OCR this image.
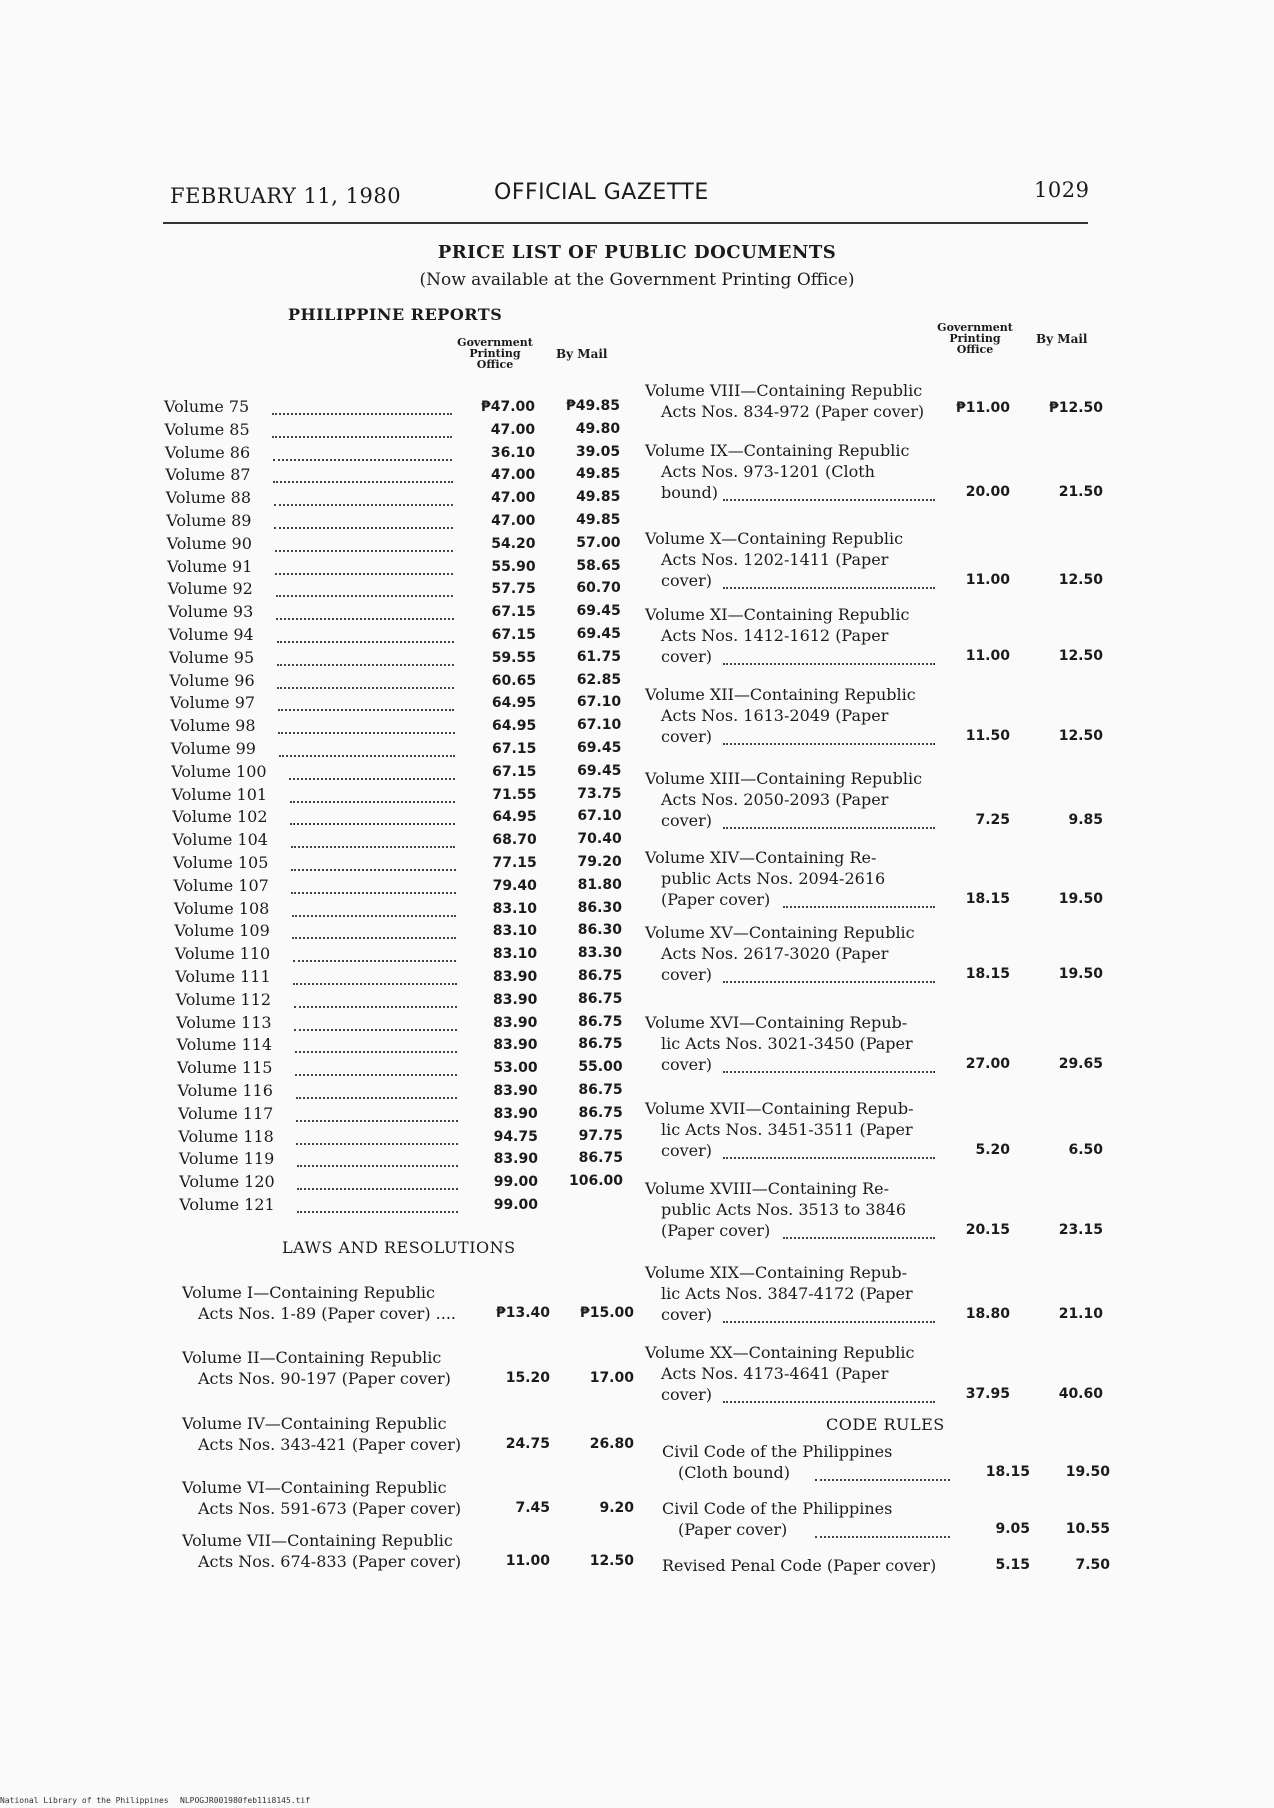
FEBRUARY 11, 1980	OFFICIAL GAZETTE	1029
PRICE LIST OF PUBLIC DOCUMENTS
(Now available at the Government Printing Office)
PHILIPPINE REPORTS
Government
Printing
Office
By Mail
Government
Printing
Office
By Mail
Volume 75	₱47.00	₱49.85
Volume 85	47.00	49.80
Volume 86	36.10	39.05
Volume 87	47.00	49.85
Volume 88	47.00	49.85
Volume 89	47.00	49.85
Volume 90	54.20	57.00
Volume 91	55.90	58.65
Volume 92	57.75	60.70
Volume 93	67.15	69.45
Volume 94	67.15	69.45
Volume 95	59.55	61.75
Volume 96	60.65	62.85
Volume 97	64.95	67.10
Volume 98	64.95	67.10
Volume 99	67.15	69.45
Volume 100	67.15	69.45
Volume 101	71.55	73.75
Volume 102	64.95	67.10
Volume 104	68.70	70.40
Volume 105	77.15	79.20
Volume 107	79.40	81.80
Volume 108	83.10	86.30
Volume 109	83.10	86.30
Volume 110	83.10	83.30
Volume 111	83.90	86.75
Volume 112	83.90	86.75
Volume 113	83.90	86.75
Volume 114	83.90	86.75
Volume 115	53.00	55.00
Volume 116	83.90	86.75
Volume 117	83.90	86.75
Volume 118	94.75	97.75
Volume 119	83.90	86.75
Volume 120	99.00	106.00
Volume 121	99.00
LAWS AND RESOLUTIONS
Volume I—Containing Republic
Acts Nos. 1-89 (Paper cover) ....	₱13.40	₱15.00
Volume II—Containing Republic
Acts Nos. 90-197 (Paper cover)	15.20	17.00
Volume IV—Containing Republic
Acts Nos. 343-421 (Paper cover)	24.75	26.80
Volume VI—Containing Republic
Acts Nos. 591-673 (Paper cover)	7.45	9.20
Volume VII—Containing Republic
Acts Nos. 674-833 (Paper cover)	11.00	12.50
Volume VIII—Containing Republic
Acts Nos. 834-972 (Paper cover)	₱11.00	₱12.50
Volume IX—Containing Republic
Acts Nos. 973-1201 (Cloth
bound)	20.00	21.50
Volume X—Containing Republic
Acts Nos. 1202-1411 (Paper
cover)	11.00	12.50
Volume XI—Containing Republic
Acts Nos. 1412-1612 (Paper
cover)	11.00	12.50
Volume XII—Containing Republic
Acts Nos. 1613-2049 (Paper
cover)	11.50	12.50
Volume XIII—Containing Republic
Acts Nos. 2050-2093 (Paper
cover)	7.25	9.85
Volume XIV—Containing Re-
public Acts Nos. 2094-2616
(Paper cover)	18.15	19.50
Volume XV—Containing Republic
Acts Nos. 2617-3020 (Paper
cover)	18.15	19.50
Volume XVI—Containing Repub-
lic Acts Nos. 3021-3450 (Paper
cover)	27.00	29.65
Volume XVII—Containing Repub-
lic Acts Nos. 3451-3511 (Paper
cover)	5.20	6.50
Volume XVIII—Containing Re-
public Acts Nos. 3513 to 3846
(Paper cover)	20.15	23.15
Volume XIX—Containing Repub-
lic Acts Nos. 3847-4172 (Paper
cover)	18.80	21.10
Volume XX—Containing Republic
Acts Nos. 4173-4641 (Paper
cover)	37.95	40.60
CODE RULES
Civil Code of the Philippines
(Cloth bound)	18.15	19.50
Civil Code of the Philippines
(Paper cover)	9.05	10.55
Revised Penal Code (Paper cover)	5.15	7.50
National Library of the Philippines NLPOGJR001980feb11i8145.tif
